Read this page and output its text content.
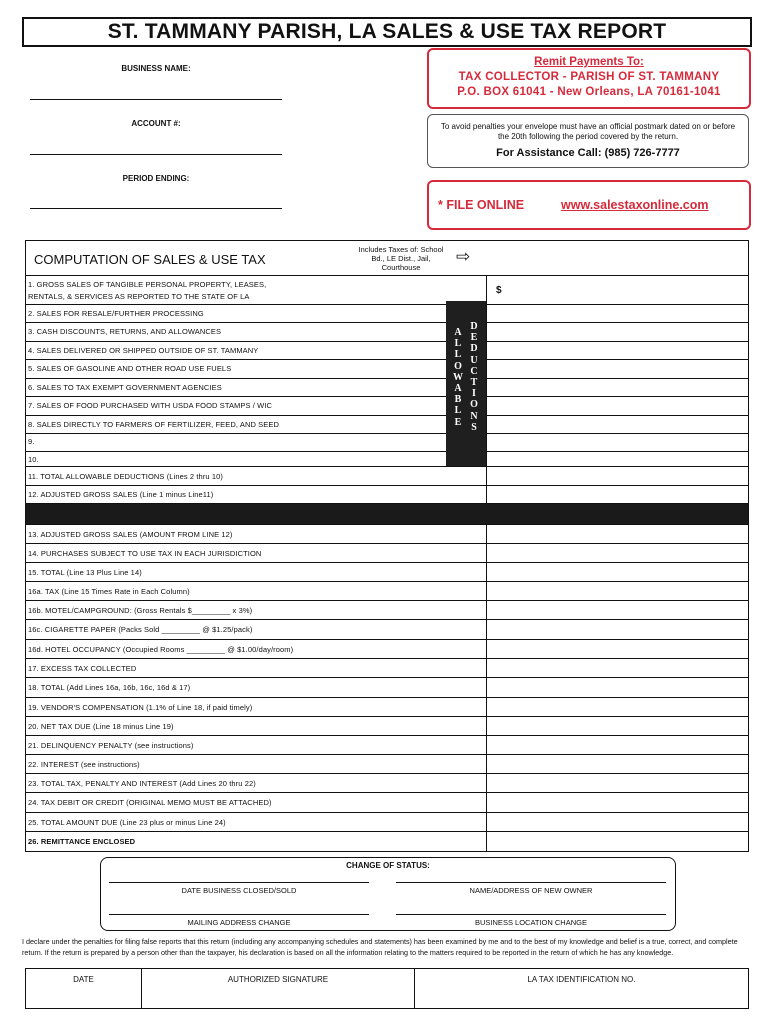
ST. TAMMANY PARISH, LA SALES & USE TAX REPORT
BUSINESS NAME:
ACCOUNT #:
PERIOD ENDING:
Remit Payments To:
TAX COLLECTOR - PARISH OF ST. TAMMANY
P.O. BOX 61041 - New Orleans, LA 70161-1041
To avoid penalties your envelope must have an official postmark dated on or before the 20th following the period covered by the return.
For Assistance Call: (985) 726-7777
* FILE ONLINE	www.salestaxonline.com
COMPUTATION OF SALES & USE TAX
Includes Taxes of: School Bd., LE Dist., Jail, Courthouse
⇨
$
1. GROSS SALES OF TANGIBLE PERSONAL PROPERTY, LEASES,
RENTALS, & SERVICES AS REPORTED TO THE STATE OF LA
2. SALES FOR RESALE/FURTHER PROCESSING
3. CASH DISCOUNTS, RETURNS, AND ALLOWANCES
4. SALES DELIVERED OR SHIPPED OUTSIDE OF ST. TAMMANY
5. SALES OF GASOLINE AND OTHER ROAD USE FUELS
6. SALES TO TAX EXEMPT GOVERNMENT AGENCIES
7. SALES OF FOOD PURCHASED WITH USDA FOOD STAMPS / WIC
8. SALES DIRECTLY TO FARMERS OF FERTILIZER, FEED, AND SEED
9.
10.
11. TOTAL ALLOWABLE DEDUCTIONS (Lines 2 thru 10)
12. ADJUSTED GROSS SALES (Line 1 minus Line11)
13. ADJUSTED GROSS SALES (AMOUNT FROM LINE 12)
14. PURCHASES SUBJECT TO USE TAX IN EACH JURISDICTION
15. TOTAL (Line 13 Plus Line 14)
16a. TAX (Line 15 Times Rate in Each Column)
16b. MOTEL/CAMPGROUND: (Gross Rentals $_________ x 3%)
16c. CIGARETTE PAPER (Packs Sold _________ @ $1.25/pack)
16d. HOTEL OCCUPANCY (Occupied Rooms _________ @ $1.00/day/room)
17. EXCESS TAX COLLECTED
18. TOTAL (Add Lines 16a, 16b, 16c, 16d & 17)
19. VENDOR'S COMPENSATION (1.1% of Line 18, if paid timely)
20. NET TAX DUE (Line 18 minus Line 19)
21. DELINQUENCY PENALTY (see instructions)
22. INTEREST (see instructions)
23. TOTAL TAX, PENALTY AND INTEREST (Add Lines 20 thru 22)
24. TAX DEBIT OR CREDIT (ORIGINAL MEMO MUST BE ATTACHED)
25. TOTAL AMOUNT DUE (Line 23 plus or minus Line 24)
26. REMITTANCE ENCLOSED
A
L
L
O
W
A
B
L
E
D
E
D
U
C
T
I
O
N
S
CHANGE OF STATUS:
DATE BUSINESS CLOSED/SOLD	NAME/ADDRESS OF NEW OWNER
MAILING ADDRESS CHANGE	BUSINESS LOCATION CHANGE
I declare under the penalties for filing false reports that this return (including any accompanying schedules and statements) has been examined by me and to the best of my knowledge and belief is a true, correct, and complete return. If the return is prepared by a person other than the taxpayer, his declaration is based on all the information relating to the matters required to be reported in the return of which he has any knowledge.
DATE	AUTHORIZED SIGNATURE	LA TAX IDENTIFICATION NO.
